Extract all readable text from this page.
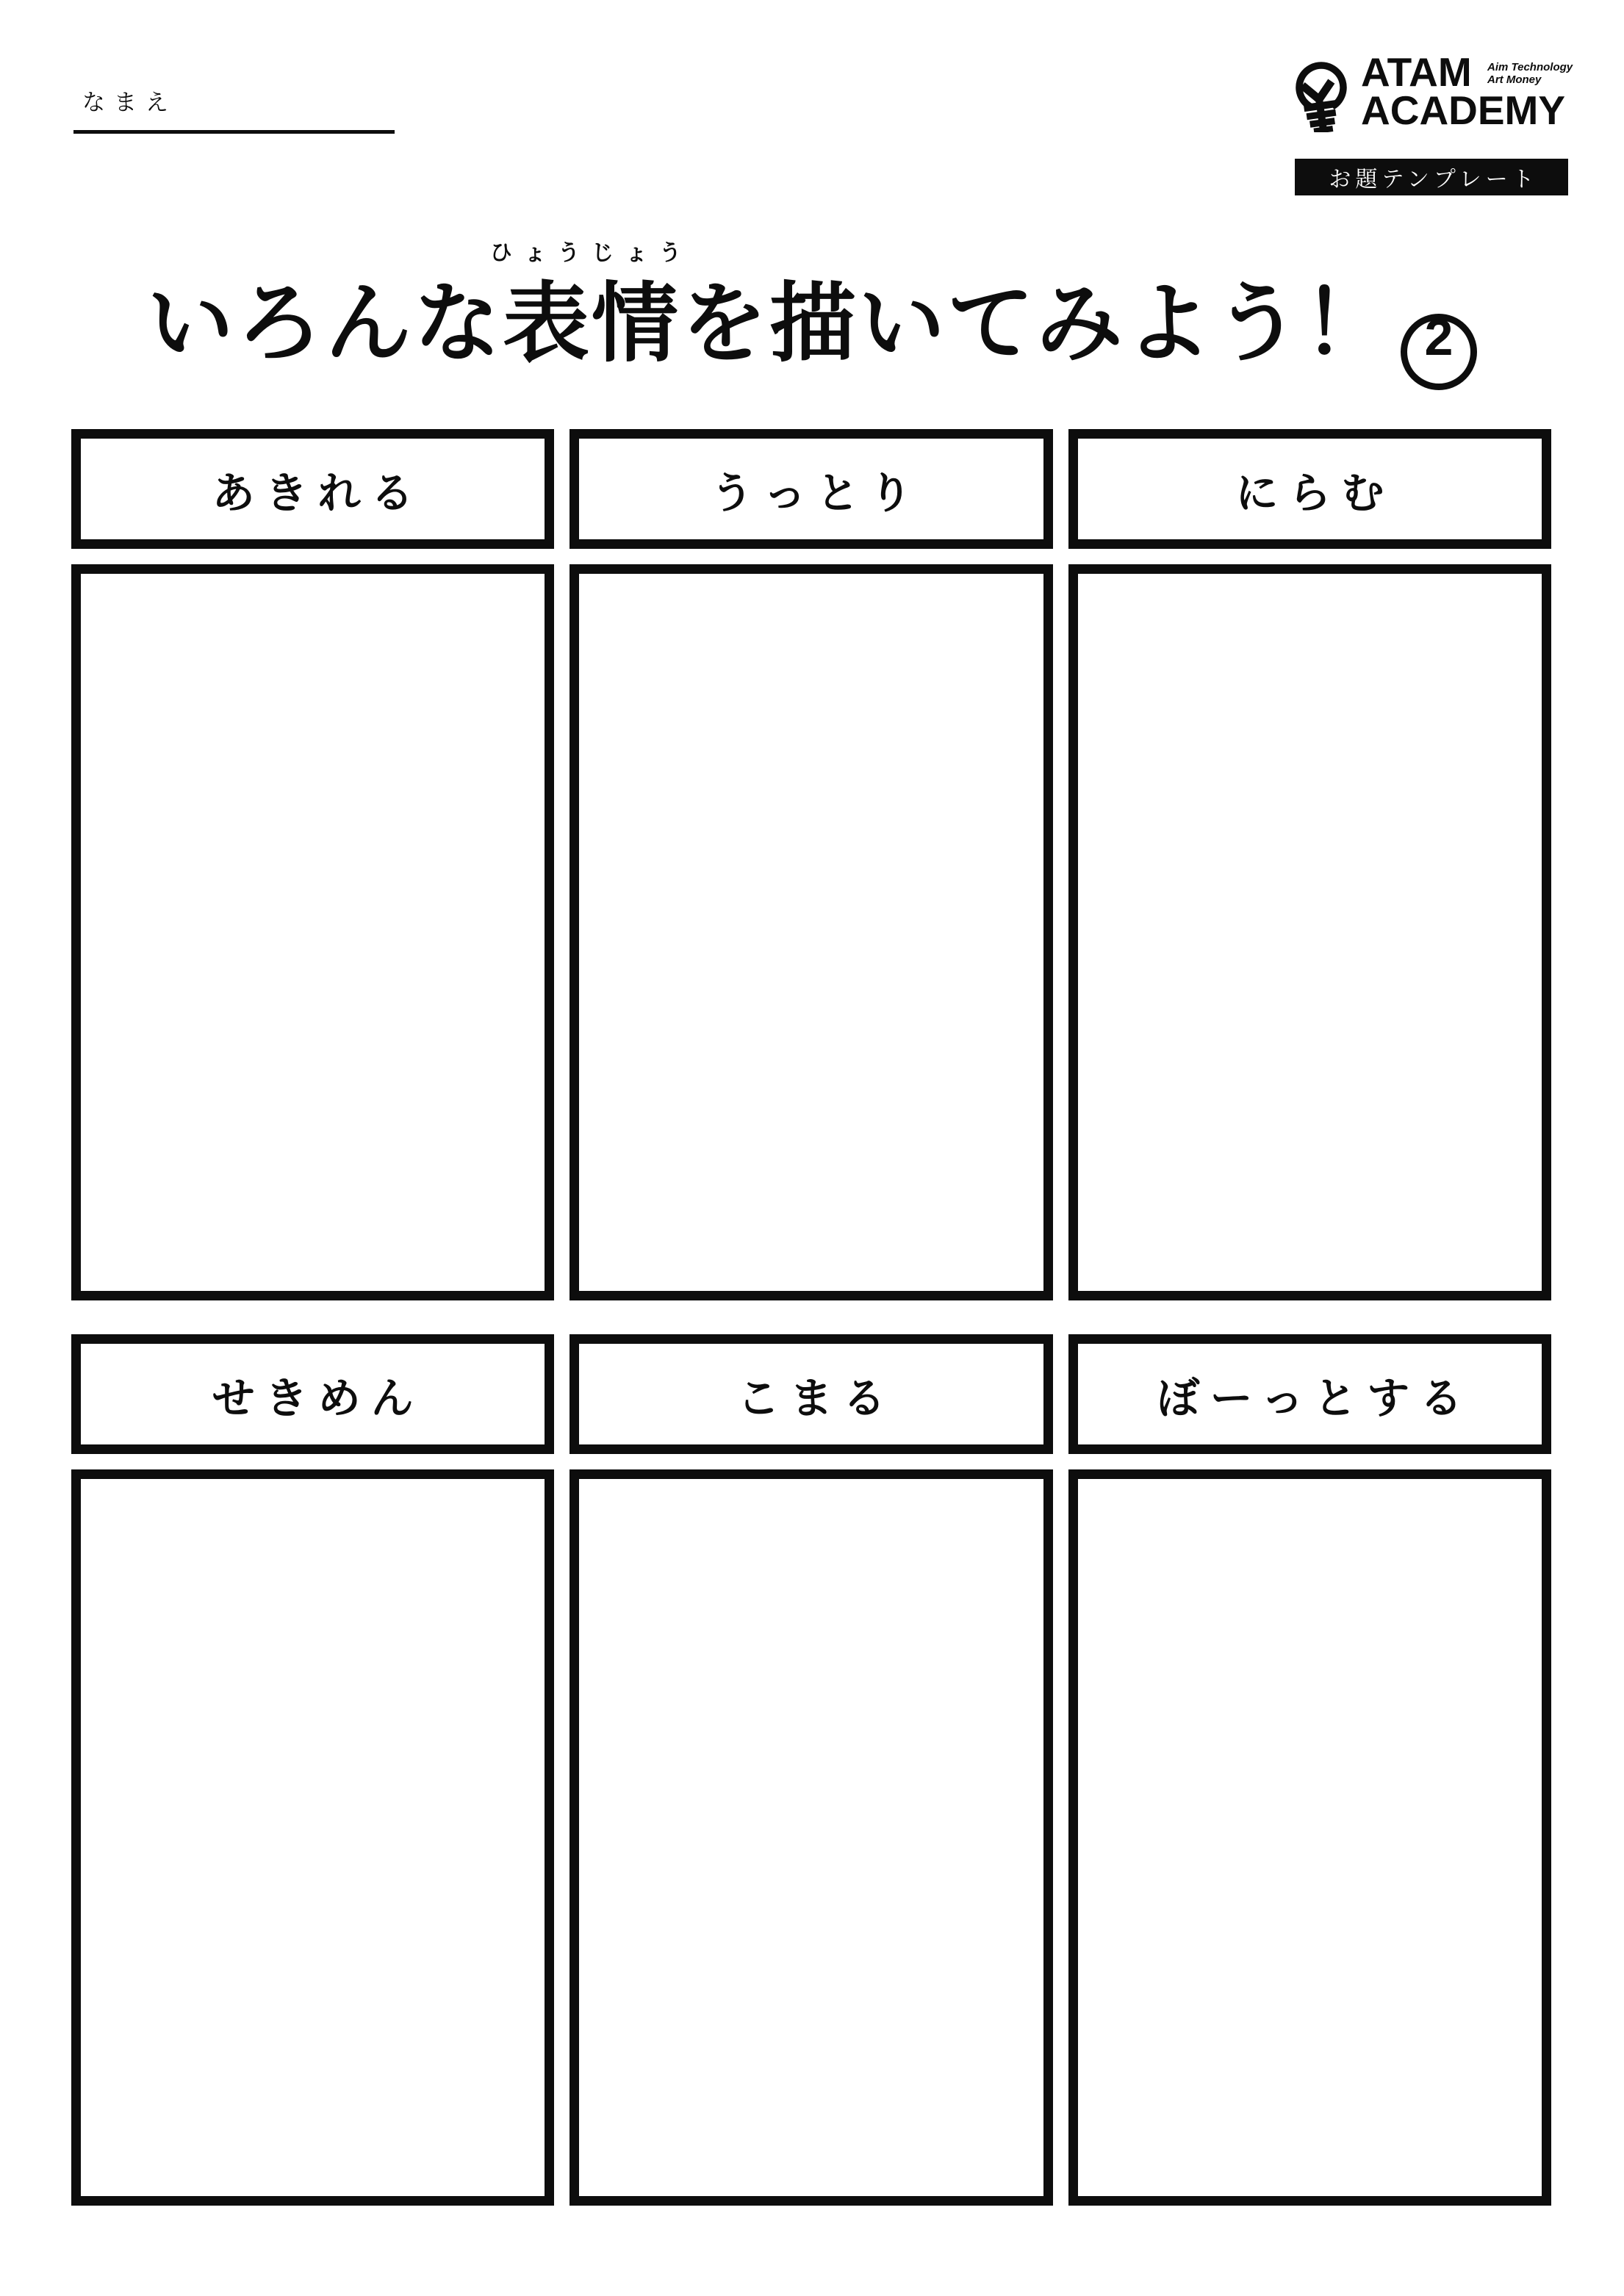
なまえ
ATAM
ACADEMY
Aim Technology
Art Money
お題テンプレート
いろんな 表情
ひょうじょう
を描いてみよう！ 2
あきれる	うっとり	にらむ
せきめん	こまる	ぼーっとする
